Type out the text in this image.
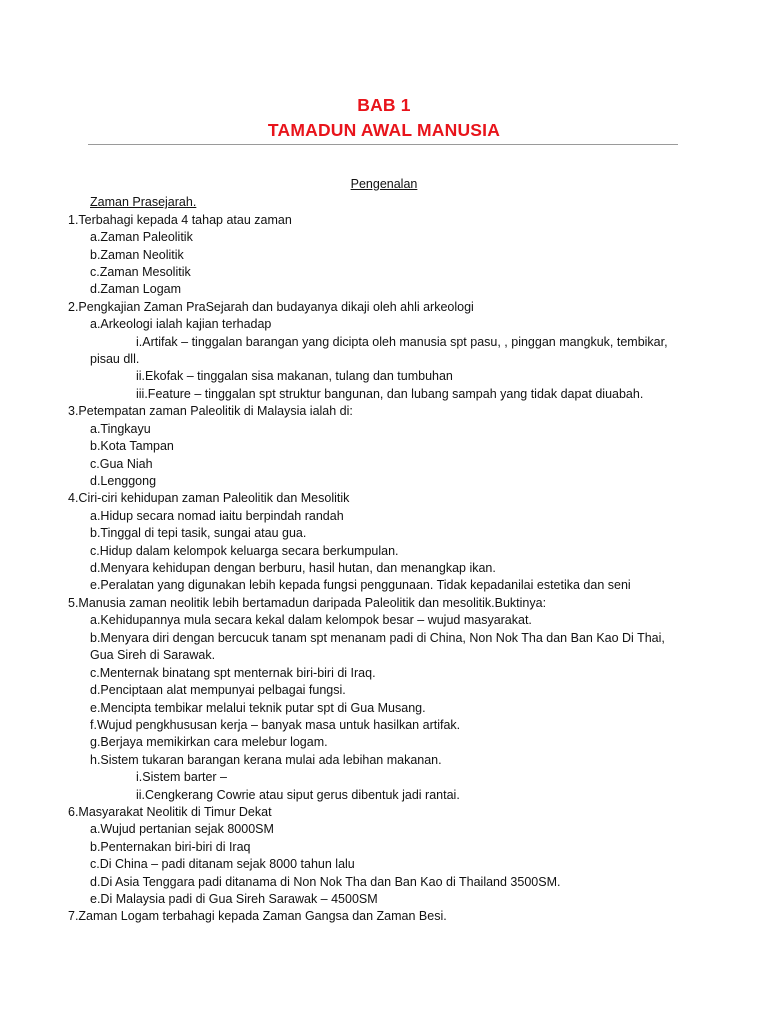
BAB 1
TAMADUN AWAL MANUSIA
Pengenalan
Zaman Prasejarah.
1.Terbahagi kepada 4 tahap atau zaman
a.Zaman Paleolitik
b.Zaman Neolitik
c.Zaman Mesolitik
d.Zaman Logam
2.Pengkajian Zaman PraSejarah dan budayanya dikaji oleh ahli arkeologi
a.Arkeologi ialah kajian terhadap
i.Artifak – tinggalan barangan yang dicipta oleh manusia spt pasu, , pinggan mangkuk, tembikar,
pisau dll.
ii.Ekofak – tinggalan sisa makanan, tulang dan tumbuhan
iii.Feature – tinggalan spt struktur bangunan, dan lubang sampah yang tidak dapat diuabah.
3.Petempatan zaman Paleolitik di Malaysia ialah di:
a.Tingkayu
b.Kota Tampan
c.Gua Niah
d.Lenggong
4.Ciri-ciri kehidupan zaman Paleolitik dan Mesolitik
a.Hidup secara nomad iaitu berpindah randah
b.Tinggal di tepi tasik, sungai atau gua.
c.Hidup dalam kelompok keluarga secara berkumpulan.
d.Menyara kehidupan dengan berburu, hasil hutan, dan menangkap ikan.
e.Peralatan yang digunakan lebih kepada fungsi penggunaan. Tidak kepadanilai estetika dan seni
5.Manusia zaman neolitik lebih bertamadun daripada Paleolitik dan mesolitik.Buktinya:
a.Kehidupannya mula secara kekal dalam kelompok besar – wujud masyarakat.
b.Menyara diri dengan bercucuk tanam spt menanam padi di China, Non Nok Tha dan Ban Kao Di Thai,
Gua Sireh di Sarawak.
c.Menternak binatang spt menternak biri-biri di Iraq.
d.Penciptaan alat mempunyai pelbagai fungsi.
e.Mencipta tembikar melalui teknik putar spt di Gua Musang.
f.Wujud pengkhususan kerja – banyak masa untuk hasilkan artifak.
g.Berjaya memikirkan cara melebur logam.
h.Sistem tukaran barangan kerana mulai ada lebihan makanan.
i.Sistem barter –
ii.Cengkerang Cowrie atau siput gerus dibentuk jadi rantai.
6.Masyarakat Neolitik di Timur Dekat
a.Wujud pertanian sejak 8000SM
b.Penternakan biri-biri di Iraq
c.Di China – padi ditanam sejak 8000 tahun lalu
d.Di Asia Tenggara padi ditanama di Non Nok Tha dan Ban Kao di Thailand 3500SM.
e.Di Malaysia padi di Gua Sireh Sarawak – 4500SM
7.Zaman Logam terbahagi kepada Zaman Gangsa dan Zaman Besi.
